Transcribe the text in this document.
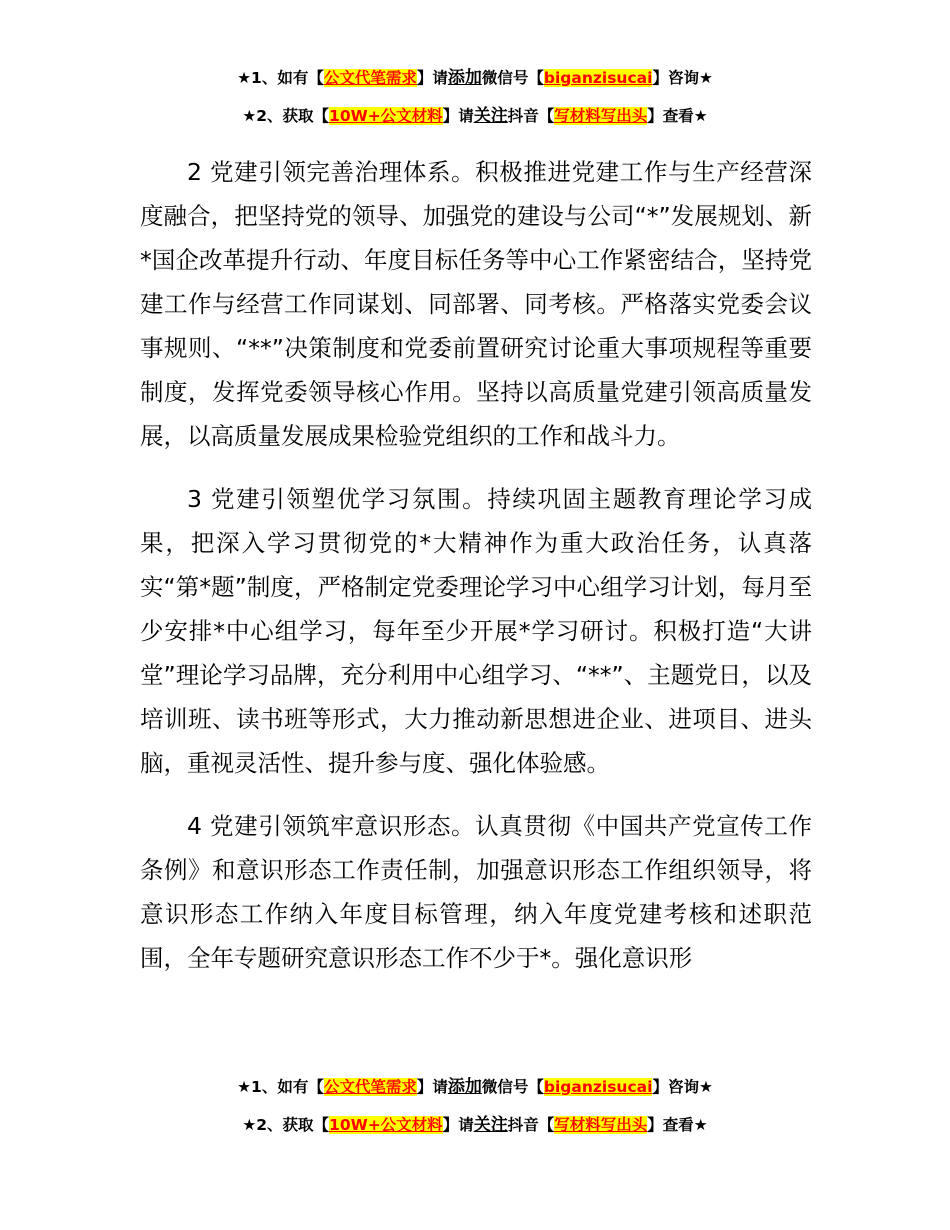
★1、如有【公文代笔需求】请添加微信号【biganzisucai】咨询★
★2、获取【10W+公文材料】请关注抖音【写材料写出头】查看★

2 党建引领完善治理体系。积极推进党建工作与生产经营深度融合，把坚持党的领导、加强党的建设与公司“*”发展规划、新*国企改革提升行动、年度目标任务等中心工作紧密结合，坚持党建工作与经营工作同谋划、同部署、同考核。严格落实党委会议事规则、“**”决策制度和党委前置研究讨论重大事项规程等重要制度，发挥党委领导核心作用。坚持以高质量党建引领高质量发展，以高质量发展成果检验党组织的工作和战斗力。

3 党建引领塑优学习氛围。持续巩固主题教育理论学习成果，把深入学习贯彻党的*大精神作为重大政治任务，认真落实“第*题”制度，严格制定党委理论学习中心组学习计划，每月至少安排*中心组学习，每年至少开展*学习研讨。积极打造“大讲堂”理论学习品牌，充分利用中心组学习、“**”、主题党日，以及培训班、读书班等形式，大力推动新思想进企业、进项目、进头脑，重视灵活性、提升参与度、强化体验感。

4 党建引领筑牢意识形态。认真贯彻《中国共产党宣传工作条例》和意识形态工作责任制，加强意识形态工作组织领导，将意识形态工作纳入年度目标管理，纳入年度党建考核和述职范围，全年专题研究意识形态工作不少于*。强化意识形

★1、如有【公文代笔需求】请添加微信号【biganzisucai】咨询★
★2、获取【10W+公文材料】请关注抖音【写材料写出头】查看★
